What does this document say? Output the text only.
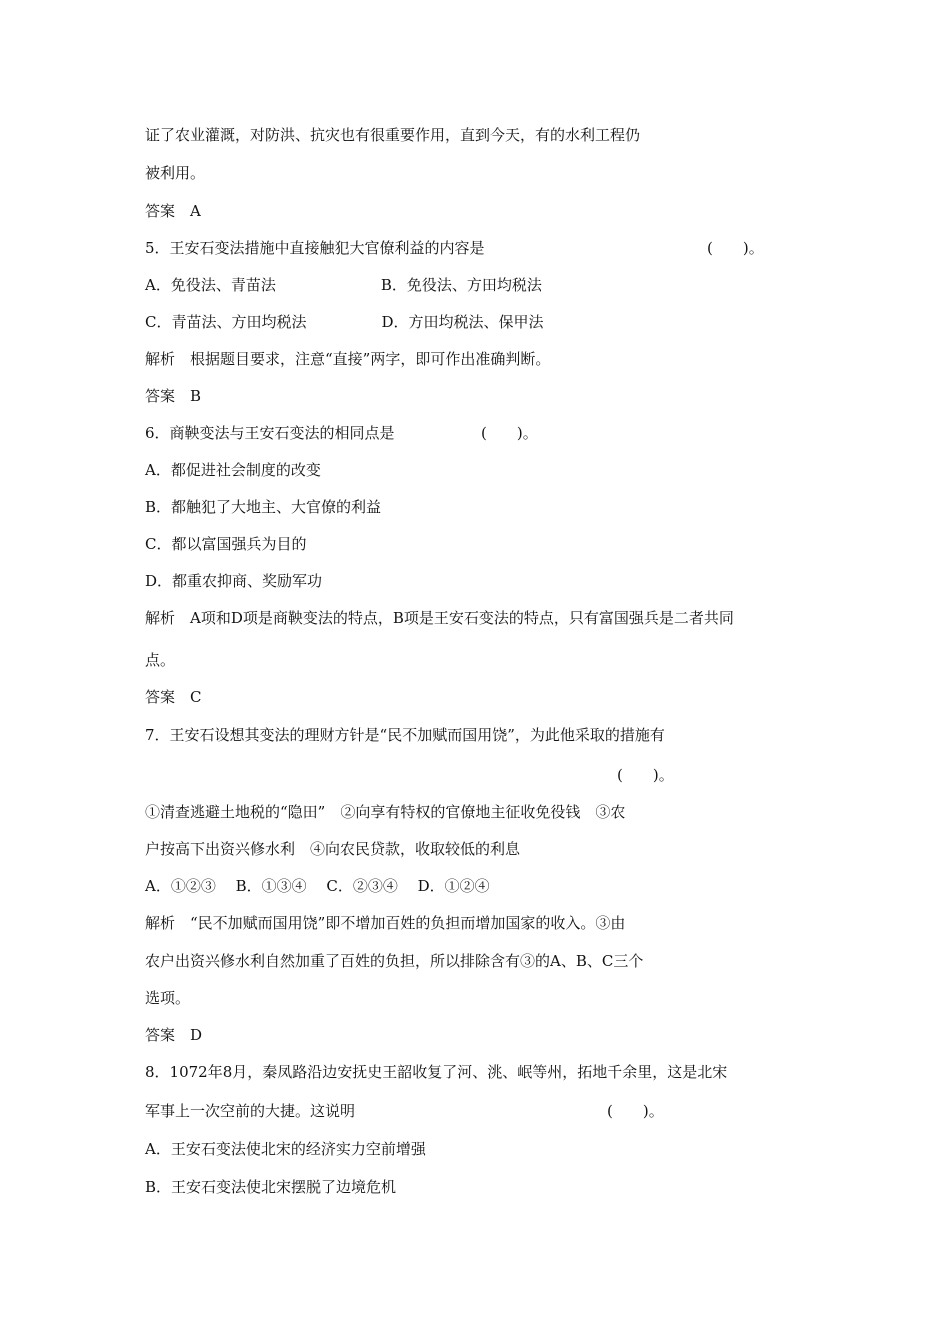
证了农业灌溉，对防洪、抗灾也有很重要作用，直到今天，有的水利工程仍
被利用。
答案　A
5．王安石变法措施中直接触犯大官僚利益的内容是	(　　)。
A．免役法、青苗法　　　　　　　B．免役法、方田均税法
C．青苗法、方田均税法　　　　　D．方田均税法、保甲法
解析　根据题目要求，注意“直接”两字，即可作出准确判断。
答案　B
6．商鞅变法与王安石变法的相同点是	(　　)。
A．都促进社会制度的改变
B．都触犯了大地主、大官僚的利益
C．都以富国强兵为目的
D．都重农抑商、奖励军功
解析　A项和D项是商鞅变法的特点，B项是王安石变法的特点，只有富国强兵是二者共同
点。
答案　C
7．王安石设想其变法的理财方针是“民不加赋而国用饶”，为此他采取的措施有
(　　)。
①清查逃避土地税的“隐田”　②向享有特权的官僚地主征收免役钱　③农
户按高下出资兴修水利　④向农民贷款，收取较低的利息
A．①②③　 B．①③④　 C．②③④　 D．①②④
解析　“民不加赋而国用饶”即不增加百姓的负担而增加国家的收入。③由
农户出资兴修水利自然加重了百姓的负担，所以排除含有③的A、B、C三个
选项。
答案　D
8．1072年8月，秦凤路沿边安抚史王韶收复了河、洮、岷等州，拓地千余里，这是北宋
军事上一次空前的大捷。这说明	(　　)。
A．王安石变法使北宋的经济实力空前增强
B．王安石变法使北宋摆脱了边境危机
